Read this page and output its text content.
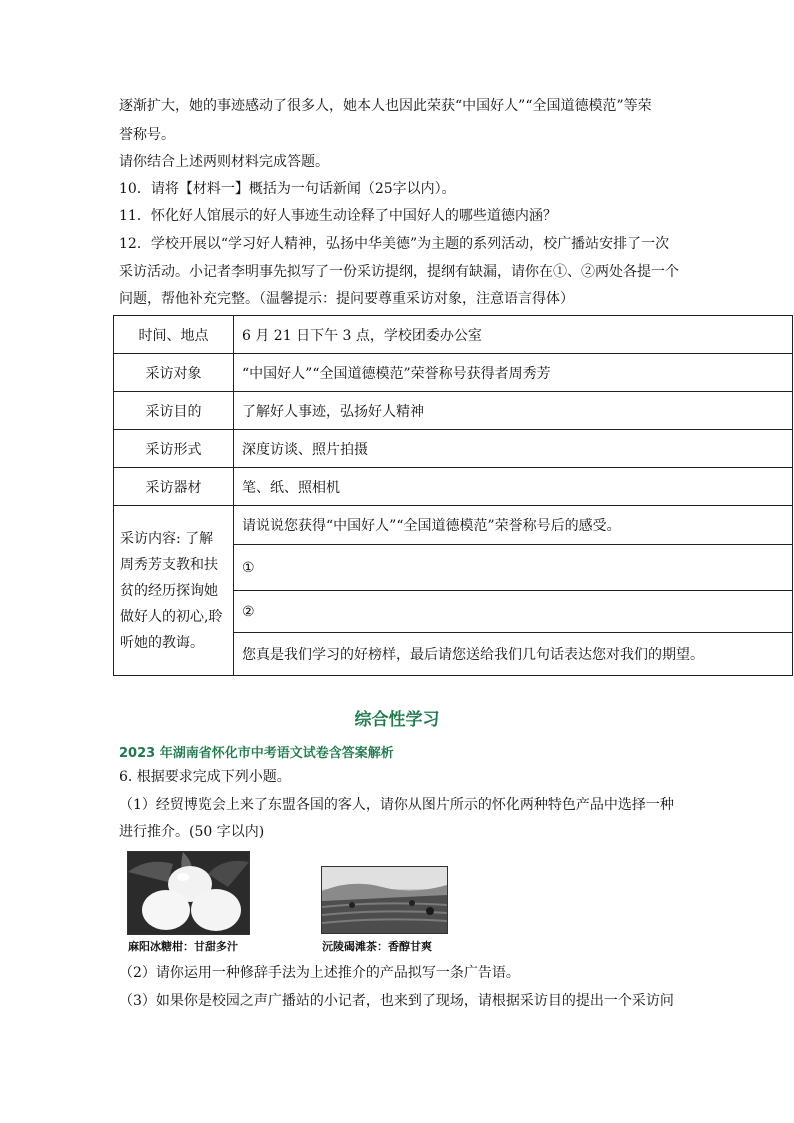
逐渐扩大，她的事迹感动了很多人，她本人也因此荣获“中国好人”“全国道德模范”等荣
誉称号。
请你结合上述两则材料完成答题。
10．请将【材料一】概括为一句话新闻（25字以内）。
11．怀化好人馆展示的好人事迹生动诠释了中国好人的哪些道德内涵？
12．学校开展以“学习好人精神，弘扬中华美德”为主题的系列活动，校广播站安排了一次
采访活动。小记者李明事先拟写了一份采访提纲，提纲有缺漏，请你在①、②两处各提一个
问题，帮他补充完整。（温馨提示：提问要尊重采访对象，注意语言得体）
时间、地点	6 月 21 日下午 3 点，学校团委办公室
采访对象	“中国好人”“全国道德模范”荣誉称号获得者周秀芳
采访目的	了解好人事迹，弘扬好人精神
采访形式	深度访谈、照片拍摄
采访器材	笔、纸、照相机
采访内容: 了解周秀芳支教和扶贫的经历探询她做好人的初心,聆听她的教诲。	请说说您获得“中国好人”“全国道德模范”荣誉称号后的感受。
	①
	②
	您真是我们学习的好榜样，最后请您送给我们几句话表达您对我们的期望。
综合性学习
2023 年湖南省怀化市中考语文试卷含答案解析
6. 根据要求完成下列小题。
（1）经贸博览会上来了东盟各国的客人，请你从图片所示的怀化两种特色产品中选择一种
进行推介。(50 字以内)
麻阳冰糖柑：甘甜多汁	沅陵碣滩茶：香醇甘爽
（2）请你运用一种修辞手法为上述推介的产品拟写一条广告语。
（3）如果你是校园之声广播站的小记者，也来到了现场，请根据采访目的提出一个采访问
